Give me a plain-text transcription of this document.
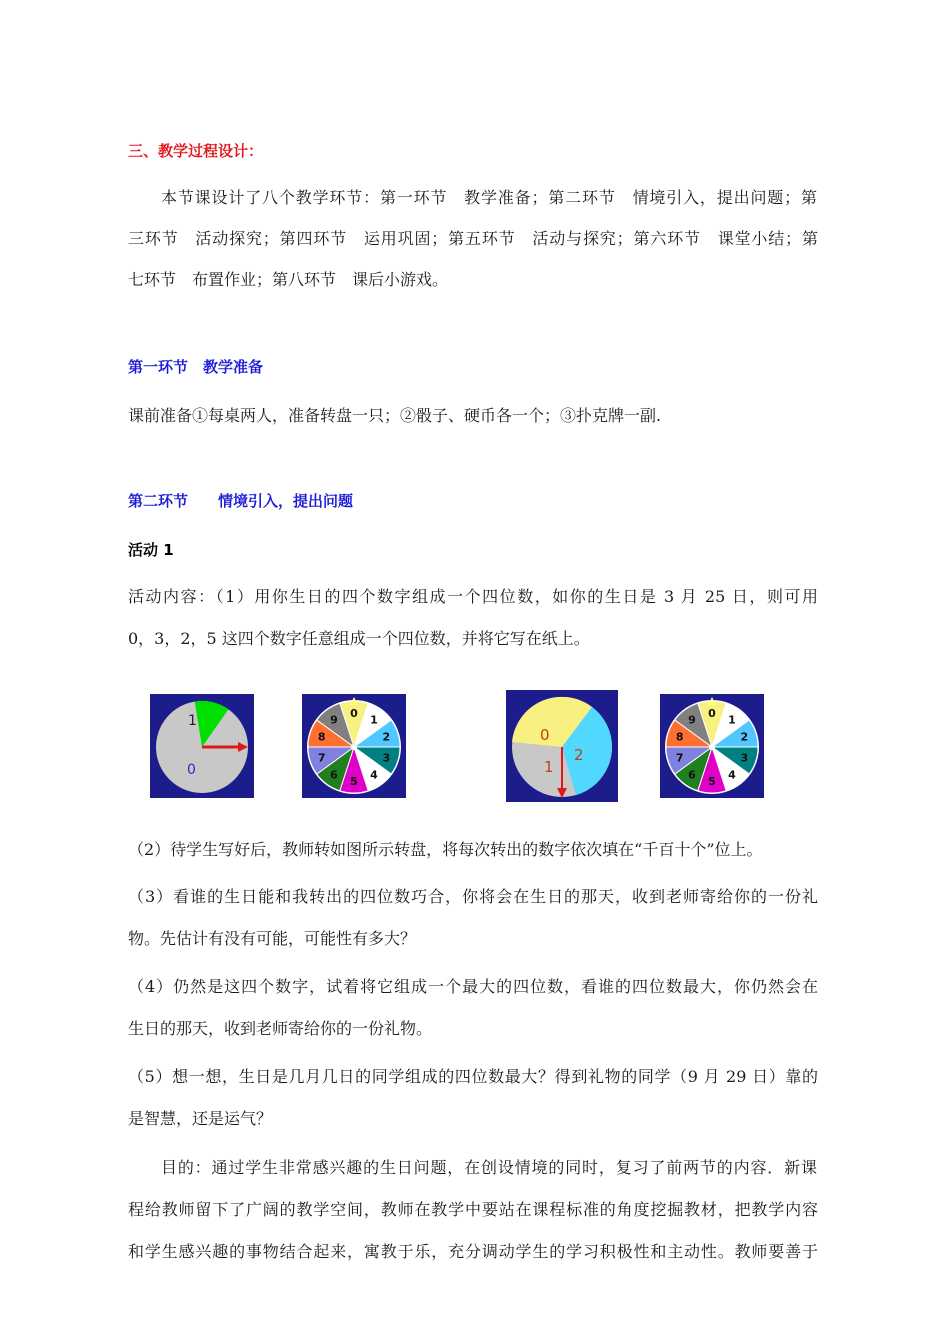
三、教学过程设计：
本节课设计了八个教学环节：第一环节　教学准备；第二环节　情境引入，提出问题；第
三环节　活动探究；第四环节　运用巩固；第五环节　活动与探究；第六环节　课堂小结；第
七环节　布置作业；第八环节　课后小游戏。
第一环节　教学准备
课前准备①每桌两人，准备转盘一只；②骰子、硬币各一个；③扑克牌一副.
第二环节　　情境引入，提出问题
活动 1
活动内容：（1）用你生日的四个数字组成一个四位数，如你的生日是 3 月 25 日，则可用
0，3，2，5 这四个数字任意组成一个四位数，并将它写在纸上。
1
0
0 1
2
3
4
5
6
7
8
9
0
2
1
0 1
2
3
4
5
6
7
8
9
（2）待学生写好后，教师转如图所示转盘，将每次转出的数字依次填在“千百十个”位上。
（3）看谁的生日能和我转出的四位数巧合，你将会在生日的那天，收到老师寄给你的一份礼
物。先估计有没有可能，可能性有多大？
（4）仍然是这四个数字，试着将它组成一个最大的四位数，看谁的四位数最大，你仍然会在
生日的那天，收到老师寄给你的一份礼物。
（5）想一想，生日是几月几日的同学组成的四位数最大？得到礼物的同学（9 月 29 日）靠的
是智慧，还是运气？
目的：通过学生非常感兴趣的生日问题，在创设情境的同时，复习了前两节的内容．新课
程给教师留下了广阔的教学空间，教师在教学中要站在课程标准的角度挖掘教材，把教学内容
和学生感兴趣的事物结合起来，寓教于乐，充分调动学生的学习积极性和主动性。教师要善于
